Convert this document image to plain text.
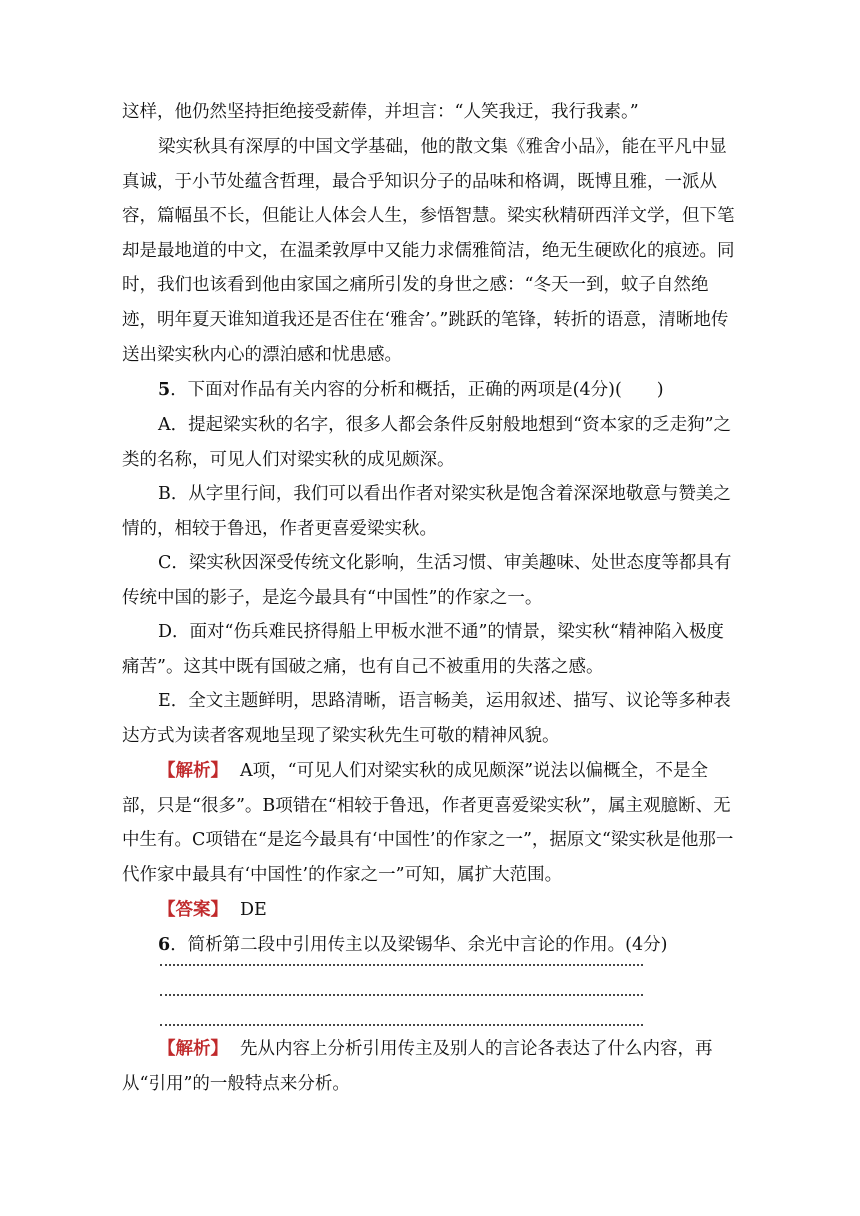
这样，他仍然坚持拒绝接受薪俸，并坦言：“人笑我迂，我行我素。”

梁实秋具有深厚的中国文学基础，他的散文集《雅舍小品》，能在平凡中显真诚，于小节处蕴含哲理，最合乎知识分子的品味和格调，既博且雅，一派从容，篇幅虽不长，但能让人体会人生，参悟智慧。梁实秋精研西洋文学，但下笔却是最地道的中文，在温柔敦厚中又能力求儒雅简洁，绝无生硬欧化的痕迹。同时，我们也该看到他由家国之痛所引发的身世之感：“冬天一到，蚊子自然绝迹，明年夏天谁知道我还是否住在‘雅舍’。”跳跃的笔锋，转折的语意，清晰地传送出梁实秋内心的漂泊感和忧患感。

5．下面对作品有关内容的分析和概括，正确的两项是(4分)(　　)

A．提起梁实秋的名字，很多人都会条件反射般地想到“资本家的乏走狗”之类的名称，可见人们对梁实秋的成见颇深。

B．从字里行间，我们可以看出作者对梁实秋是饱含着深深地敬意与赞美之情的，相较于鲁迅，作者更喜爱梁实秋。

C．梁实秋因深受传统文化影响，生活习惯、审美趣味、处世态度等都具有传统中国的影子，是迄今最具有“中国性”的作家之一。

D．面对“伤兵难民挤得船上甲板水泄不通”的情景，梁实秋“精神陷入极度痛苦”。这其中既有国破之痛，也有自己不被重用的失落之感。

E．全文主题鲜明，思路清晰，语言畅美，运用叙述、描写、议论等多种表达方式为读者客观地呈现了梁实秋先生可敬的精神风貌。

【解析】 A项，“可见人们对梁实秋的成见颇深”说法以偏概全，不是全部，只是“很多”。B项错在“相较于鲁迅，作者更喜爱梁实秋”，属主观臆断、无中生有。C项错在“是迄今最具有‘中国性’的作家之一”，据原文“梁实秋是他那一代作家中最具有‘中国性’的作家之一”可知，属扩大范围。

【答案】 DE

6．简析第二段中引用传主以及梁锡华、余光中言论的作用。(4分)

【解析】 先从内容上分析引用传主及别人的言论各表达了什么内容，再从“引用”的一般特点来分析。
